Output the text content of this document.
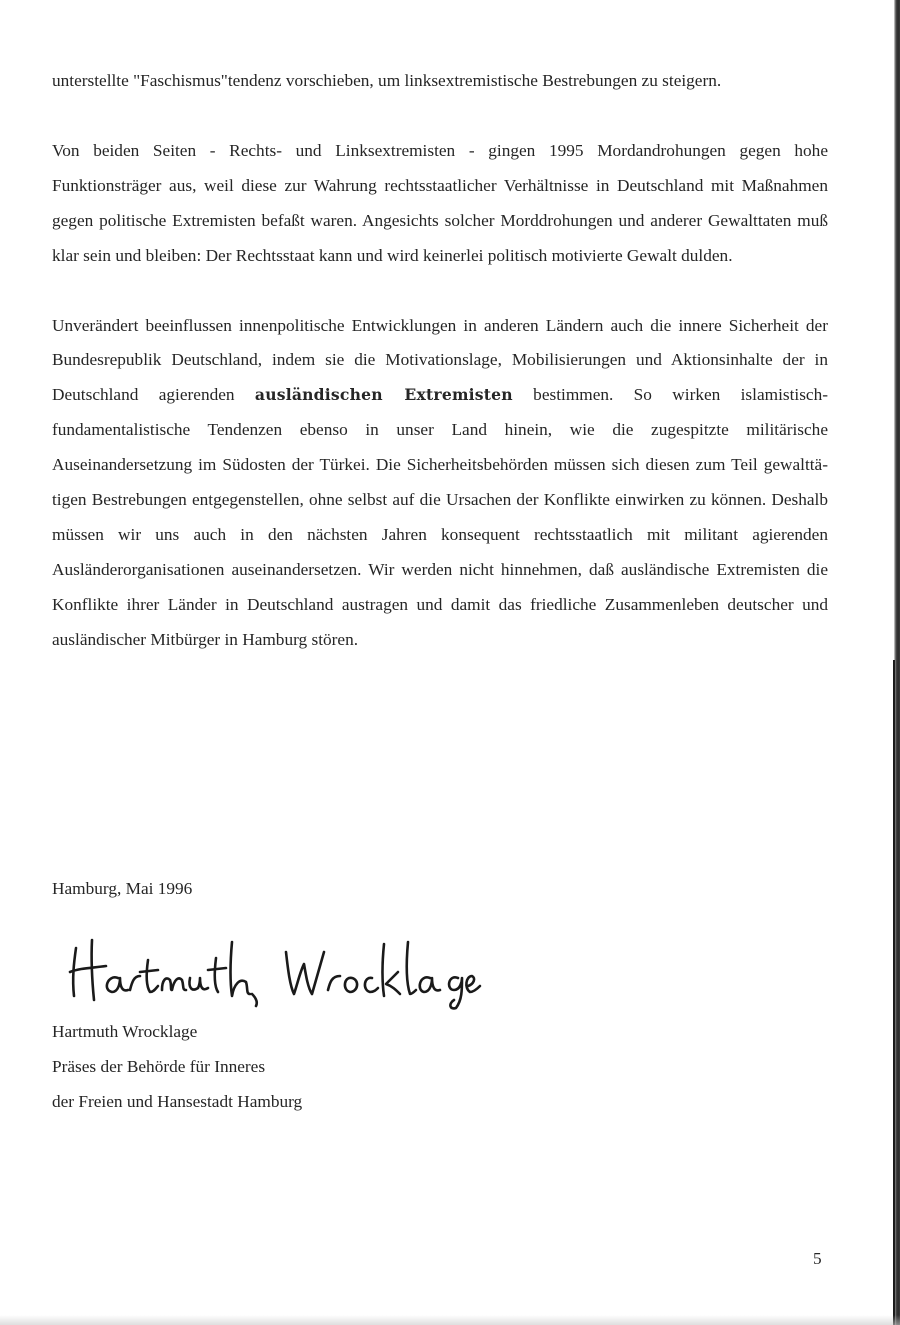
unterstellte "Faschismus"tendenz vorschieben, um linksextremistische Bestrebungen zu steigern.

Von beiden Seiten - Rechts- und Linksextremisten - gingen 1995 Mordandrohungen gegen hohe Funktionsträger aus, weil diese zur Wahrung rechtsstaatlicher Verhältnisse in Deutschland mit Maßnahmen gegen politische Extremisten befaßt waren. Angesichts solcher Morddrohungen und anderer Gewalttaten muß klar sein und bleiben: Der Rechtsstaat kann und wird keinerlei politisch motivierte Gewalt dulden.

Unverändert beeinflussen innenpolitische Entwicklungen in anderen Ländern auch die innere Sicherheit der Bundesrepublik Deutschland, indem sie die Motivationslage, Mobilisierungen und Aktionsinhalte der in Deutschland agierenden ausländischen Extremisten bestimmen. So wirken islamistisch-fundamentalistische Tendenzen ebenso in unser Land hinein, wie die zugespitzte militärische Auseinandersetzung im Südosten der Türkei. Die Sicherheitsbehörden müssen sich diesen zum Teil gewalttätigen Bestrebungen entgegenstellen, ohne selbst auf die Ursachen der Konflikte einwirken zu können. Deshalb müssen wir uns auch in den nächsten Jahren konsequent rechtsstaatlich mit militant agierenden Ausländerorganisationen auseinandersetzen. Wir werden nicht hinnehmen, daß ausländische Extremisten die Konflikte ihrer Länder in Deutschland austragen und damit das friedliche Zusammenleben deutscher und ausländischer Mitbürger in Hamburg stören.

Hamburg, Mai 1996
Hartmuth Wrocklage
Präses der Behörde für Inneres
der Freien und Hansestadt Hamburg
5
